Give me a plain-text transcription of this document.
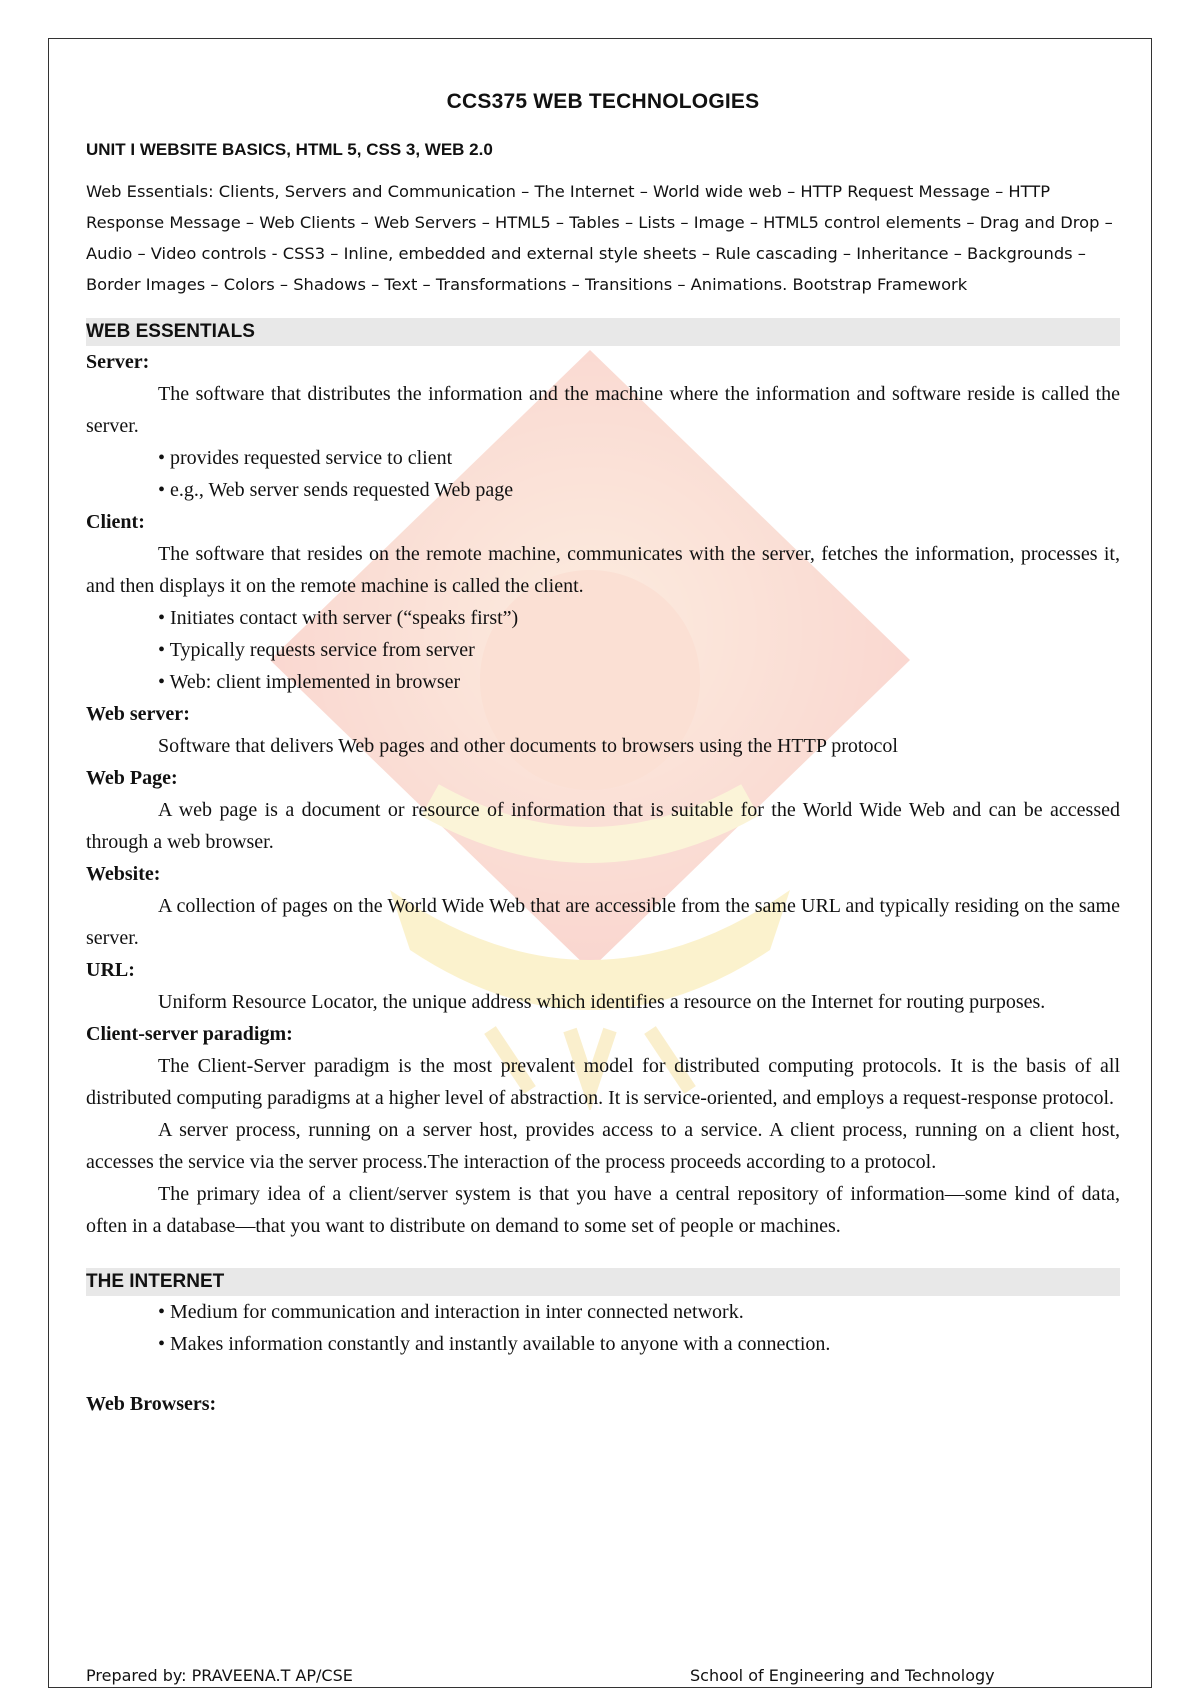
CCS375 WEB TECHNOLOGIES
UNIT I WEBSITE BASICS, HTML 5, CSS 3, WEB 2.0
Web Essentials: Clients, Servers and Communication – The Internet – World wide web – HTTP Request Message – HTTP Response Message – Web Clients – Web Servers – HTML5 – Tables – Lists – Image – HTML5 control elements – Drag and Drop – Audio – Video controls - CSS3 – Inline, embedded and external style sheets – Rule cascading – Inheritance – Backgrounds – Border Images – Colors – Shadows – Text – Transformations – Transitions – Animations. Bootstrap Framework
WEB ESSENTIALS

Server:

The software that distributes the information and the machine where the information and software reside is called the server.

• provides requested service to client

• e.g., Web server sends requested Web page

Client:

The software that resides on the remote machine, communicates with the server, fetches the information, processes it, and then displays it on the remote machine is called the client.

• Initiates contact with server (“speaks first”)

• Typically requests service from server

• Web: client implemented in browser

Web server:

Software that delivers Web pages and other documents to browsers using the HTTP protocol

Web Page:

A web page is a document or resource of information that is suitable for the World Wide Web and can be accessed through a web browser.

Website:

A collection of pages on the World Wide Web that are accessible from the same URL and typically residing on the same server.

URL:

Uniform Resource Locator, the unique address which identifies a resource on the Internet for routing purposes.

Client-server paradigm:

The Client-Server paradigm is the most prevalent model for distributed computing protocols. It is the basis of all distributed computing paradigms at a higher level of abstraction. It is service-oriented, and employs a request-response protocol.

A server process, running on a server host, provides access to a service. A client process, running on a client host, accesses the service via the server process.The interaction of the process proceeds according to a protocol.

The primary idea of a client/server system is that you have a central repository of information—some kind of data, often in a database—that you want to distribute on demand to some set of people or machines.

THE INTERNET

• Medium for communication and interaction in inter connected network.

• Makes information constantly and instantly available to anyone with a connection.

Web Browsers:

Prepared by: PRAVEENA.T AP/CSE	School of Engineering and Technology
